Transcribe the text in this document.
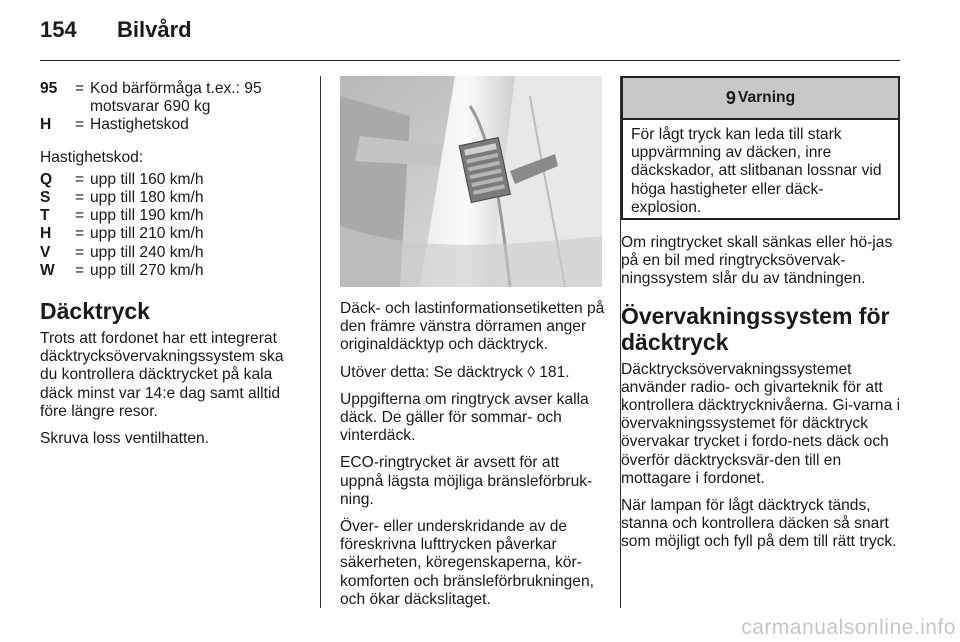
154 Bilvård
95	= Kod bärförmåga t.ex.: 95 motsvarar 690 kg
H	= Hastighetskod

Hastighetskod:

Q	= upp till 160 km/h
S	= upp till 180 km/h
T	= upp till 190 km/h
H	= upp till 210 km/h
V	= upp till 240 km/h
W	= upp till 270 km/h
Däcktryck

Trots att fordonet har ett integrerat däcktrycksövervakningssystem ska du kontrollera däcktrycket på kala däck minst var 14:e dag samt alltid före längre resor.

Skruva loss ventilhatten.

Däck- och lastinformationsetiketten på den främre vänstra dörramen anger originaldäcktyp och däcktryck.

Utöver detta: Se däcktryck ◊ 181.

Uppgifterna om ringtryck avser kalla däck. De gäller för sommar- och vinterdäck.

ECO-ringtrycket är avsett för att uppnå lägsta möjliga bränsleförbruk-ning.

Över- eller underskridande av de föreskrivna lufttrycken påverkar säkerheten, köregenskaperna, kör-komforten och bränsleförbrukningen, och ökar däckslitaget.

9 Varning
För lågt tryck kan leda till stark uppvärmning av däcken, inre däckskador, att slitbanan lossnar vid höga hastigheter eller däck-explosion.

Om ringtrycket skall sänkas eller hö-jas på en bil med ringtrycksövervak-ningssystem slår du av tändningen.

Övervakningssystem för däcktryck

Däcktrycksövervakningssystemet använder radio- och givarteknik för att kontrollera däcktrycknivåerna. Gi-varna i övervakningssystemet för däcktryck övervakar trycket i fordo-nets däck och överför däcktrycksvär-den till en mottagare i fordonet.

När lampan för lågt däcktryck tänds, stanna och kontrollera däcken så snart som möjligt och fyll på dem till rätt tryck.

carmanualsonline.info
